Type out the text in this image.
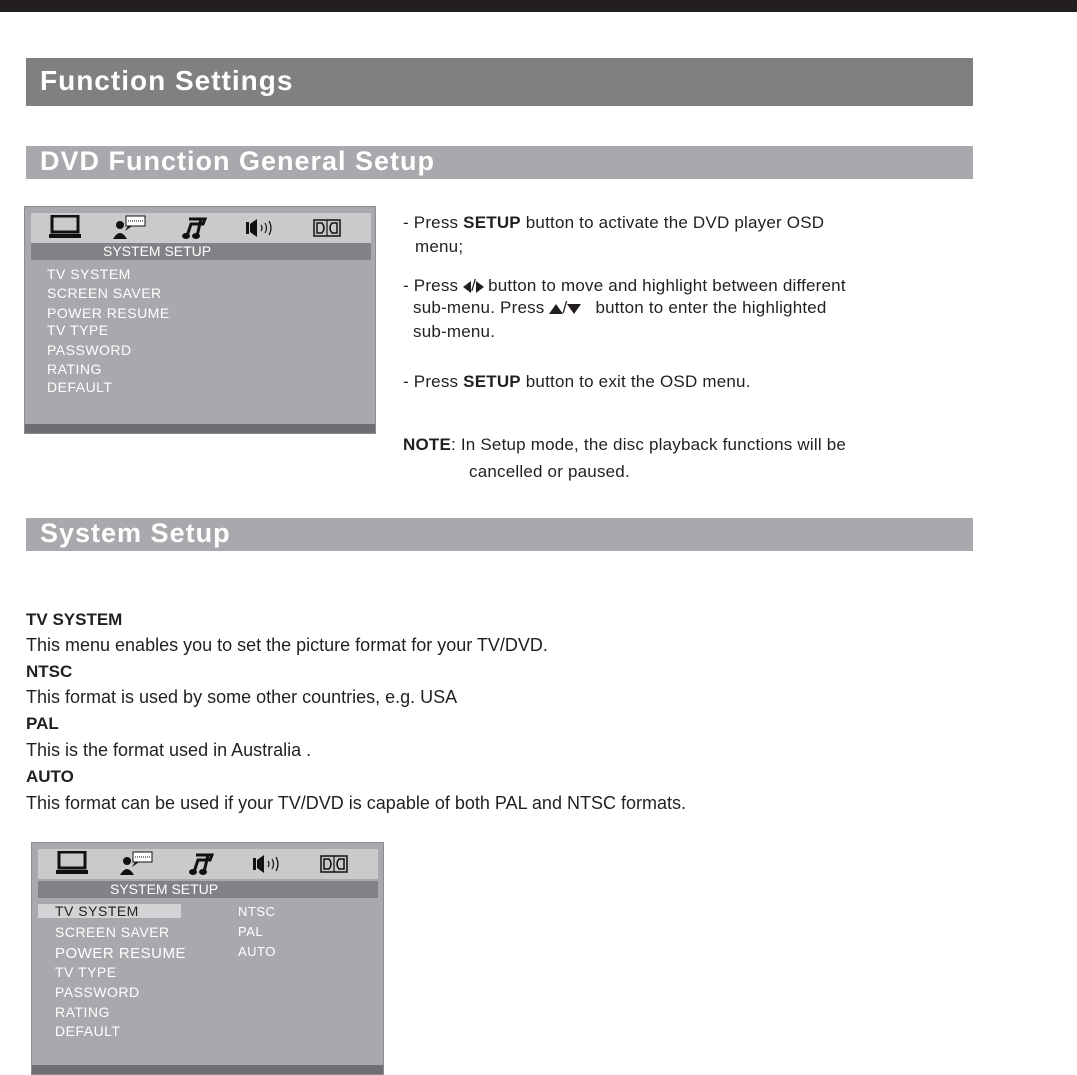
Function Settings
DVD Function General Setup
SYSTEM SETUP
TV SYSTEM
SCREEN SAVER
POWER RESUME
TV TYPE
PASSWORD
RATING
DEFAULT
- Press SETUP button to activate the DVD player OSD
menu;
- Press / button to move and highlight between different
sub-menu. Press / button to enter the highlighted
sub-menu.
- Press SETUP button to exit the OSD menu.
NOTE: In Setup mode, the disc playback functions will be
cancelled or paused.
System Setup
TV SYSTEM
This menu enables you to set the picture format for your TV/DVD.
NTSC
This format is used by some other countries, e.g. USA
PAL
This is the format used in Australia .
AUTO
This format can be used if your TV/DVD is capable of both PAL and NTSC formats.
SYSTEM SETUP
TV SYSTEM
SCREEN SAVER
POWER RESUME
TV TYPE
PASSWORD
RATING
DEFAULT
NTSC
PAL
AUTO
